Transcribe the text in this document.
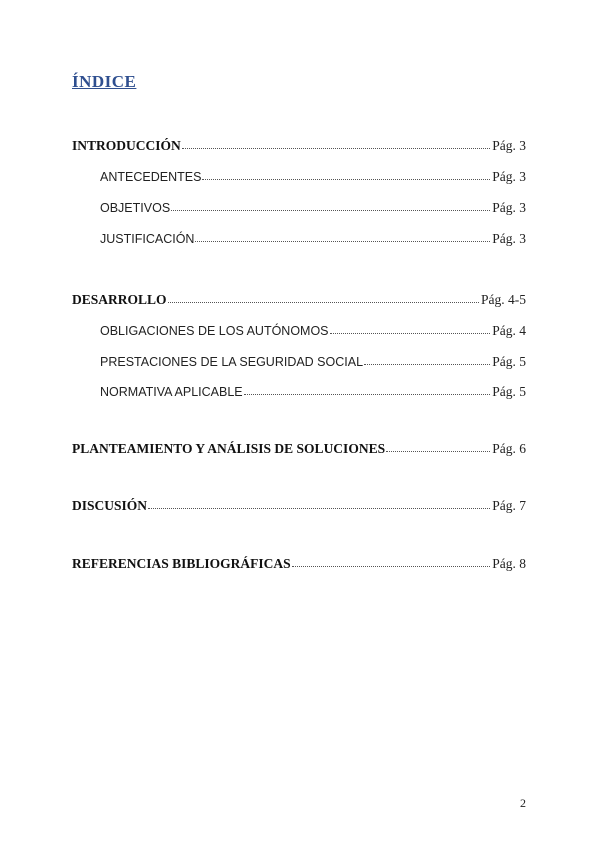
ÍNDICE
INTRODUCCIÓN	Pág. 3
ANTECEDENTES	Pág. 3
OBJETIVOS	Pág. 3
JUSTIFICACIÓN	Pág. 3
DESARROLLO	Pág. 4-5
OBLIGACIONES DE LOS AUTÓNOMOS	Pág. 4
PRESTACIONES DE LA SEGURIDAD SOCIAL	Pág. 5
NORMATIVA APLICABLE	Pág. 5
PLANTEAMIENTO Y ANÁLISIS DE SOLUCIONES	Pág. 6
DISCUSIÓN	Pág. 7
REFERENCIAS BIBLIOGRÁFICAS	Pág. 8
2
